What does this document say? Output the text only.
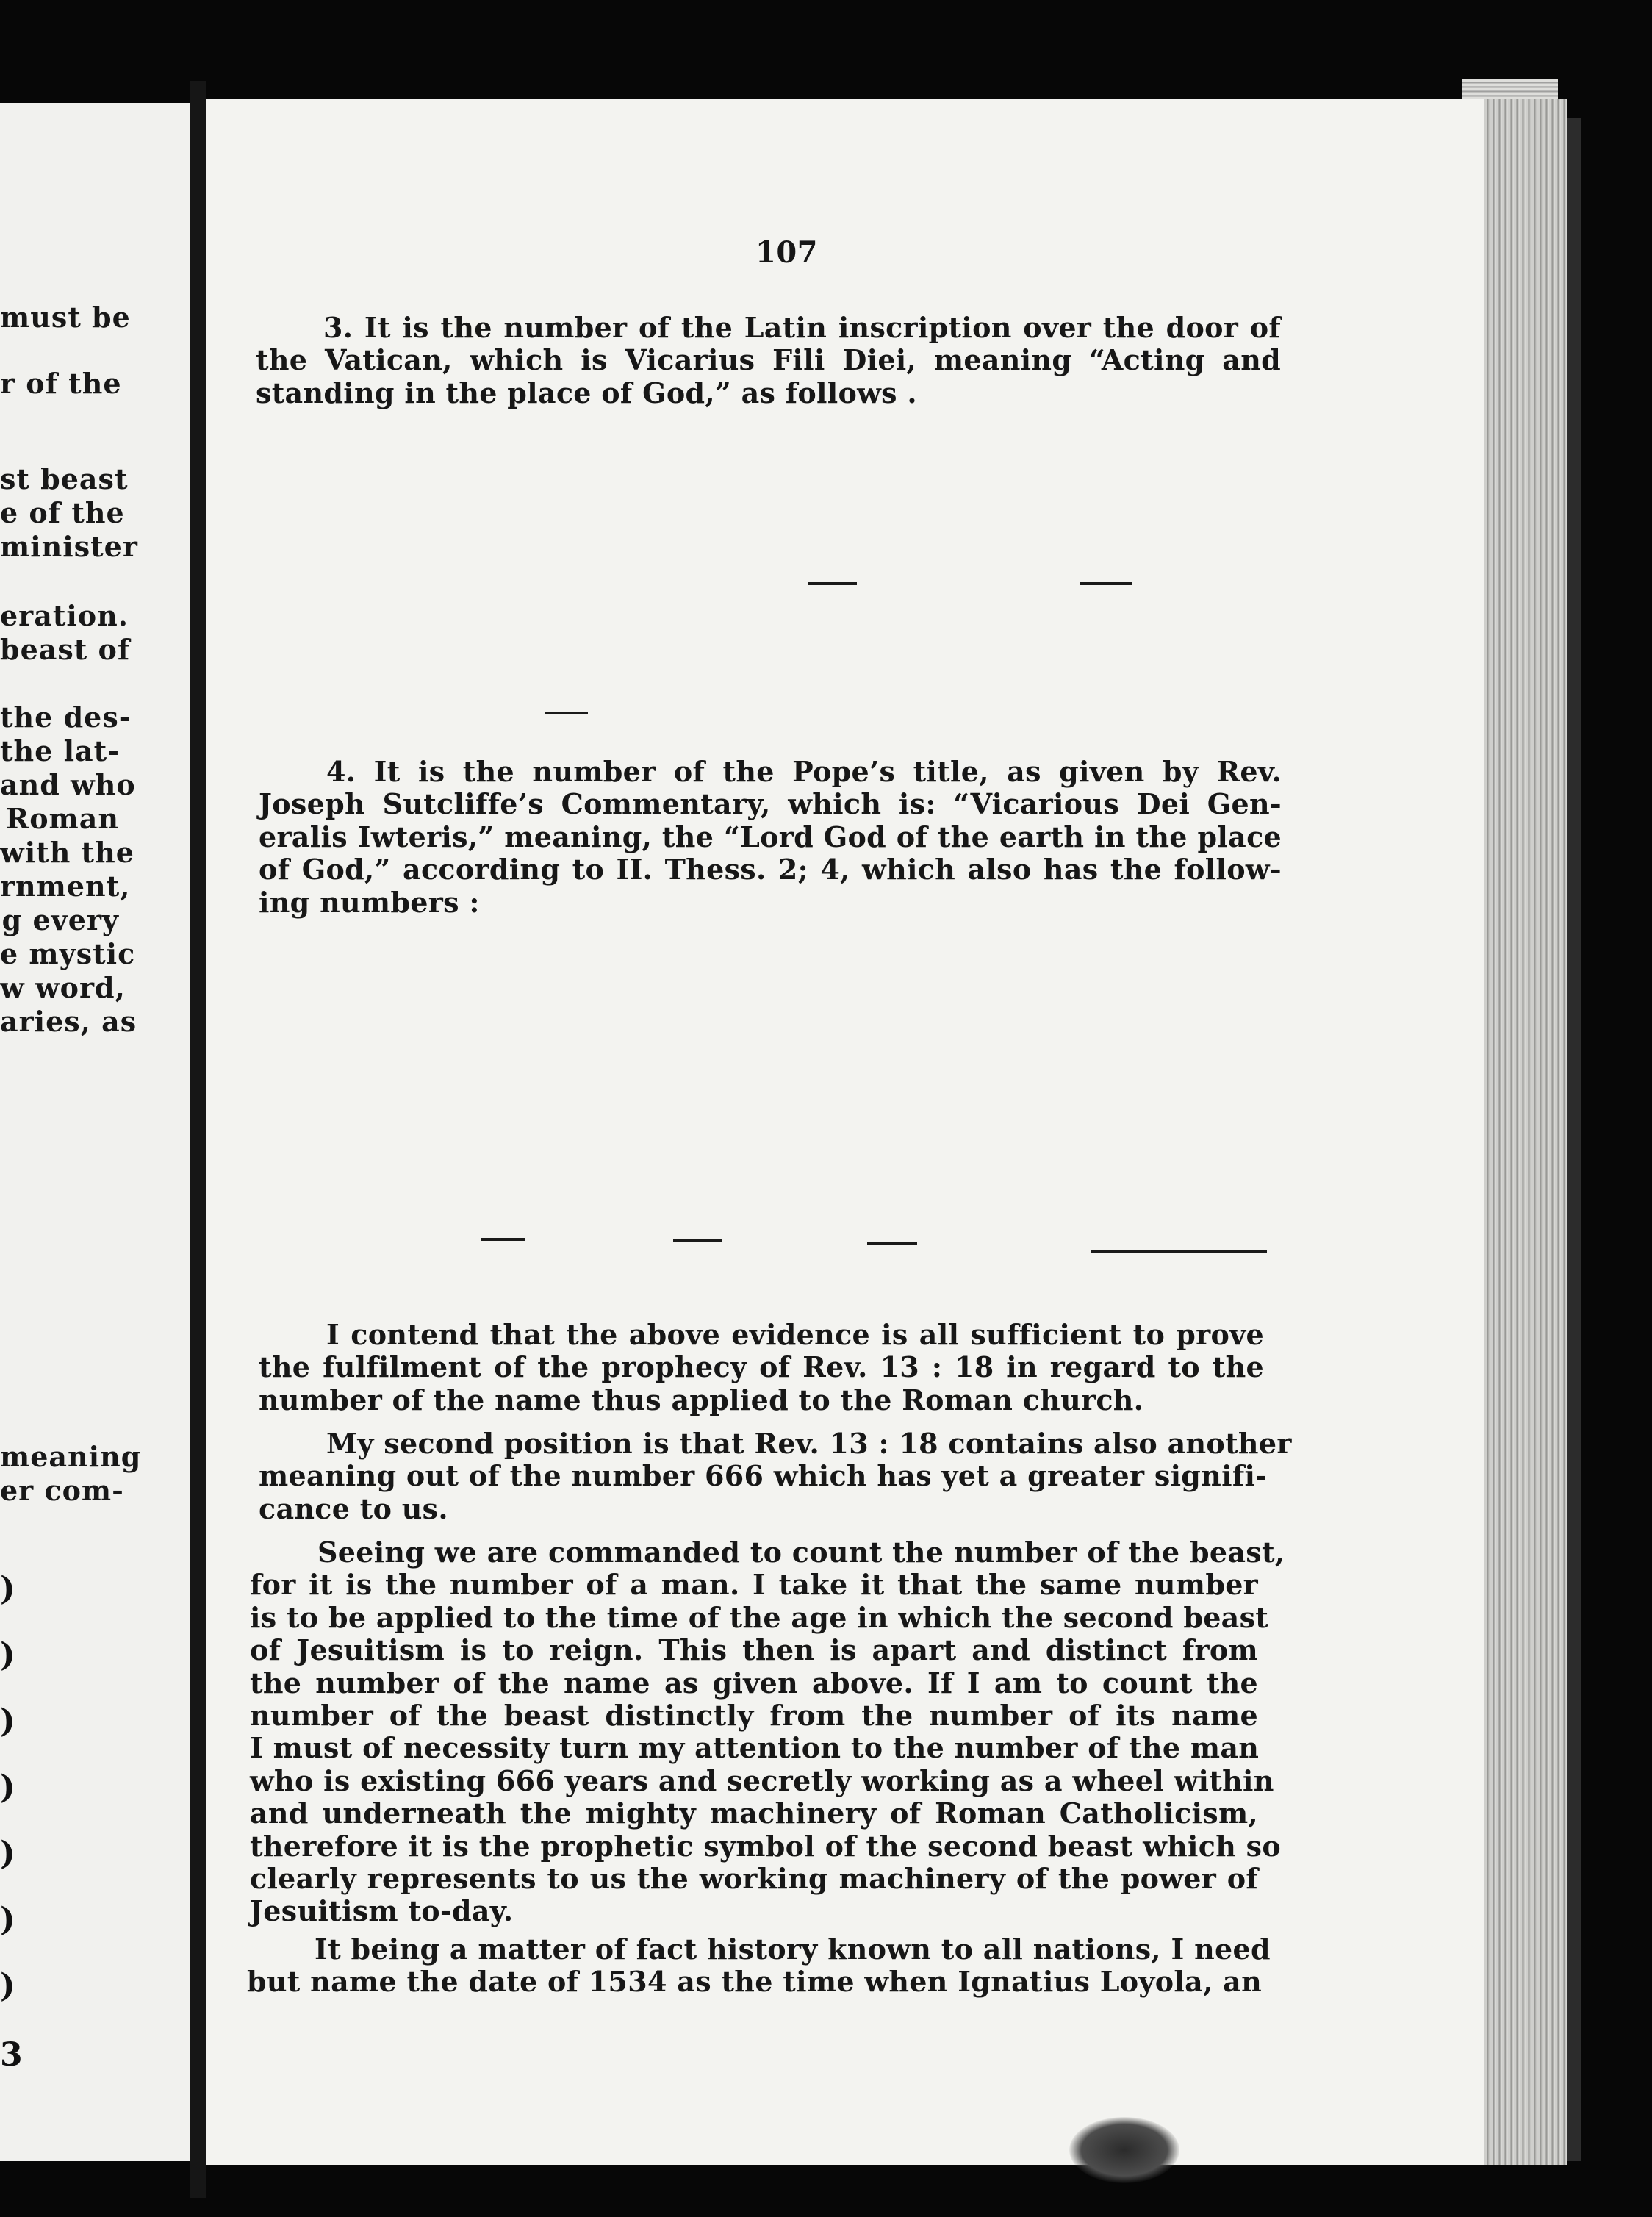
must be
r of the
st beast
e of the
minister
eration.
beast of
the des-
the lat-
and who
Roman
with the
rnment,
g every
e mystic
w word,
aries, as
meaning
er com-
)
)
)
)
)
)
)
3
107
3. It is the number of the Latin inscription over the door of
the Vatican, which is Vicarius Fili Diei, meaning “Acting and
standing in the place of God,” as follows .
4. It is the number of the Pope’s title, as given by Rev.
Joseph Sutcliffe’s Commentary, which is: “Vicarious Dei Gen-
eralis Iwteris,” meaning, the “Lord God of the earth in the place
of God,” according to II. Thess. 2; 4, which also has the follow-
ing numbers :
I contend that the above evidence is all sufficient to prove
the fulfilment of the prophecy of Rev. 13 : 18 in regard to the
number of the name thus applied to the Roman church.
My second position is that Rev. 13 : 18 contains also another
meaning out of the number 666 which has yet a greater signifi-
cance to us.
Seeing we are commanded to count the number of the beast,
for it is the number of a man. I take it that the same number
is to be applied to the time of the age in which the second beast
of Jesuitism is to reign. This then is apart and distinct from
the number of the name as given above. If I am to count the
number of the beast distinctly from the number of its name
I must of necessity turn my attention to the number of the man
who is existing 666 years and secretly working as a wheel within
and underneath the mighty machinery of Roman Catholicism,
therefore it is the prophetic symbol of the second beast which so
clearly represents to us the working machinery of the power of
Jesuitism to-day.
It being a matter of fact history known to all nations, I need
but name the date of 1534 as the time when Ignatius Loyola, an
